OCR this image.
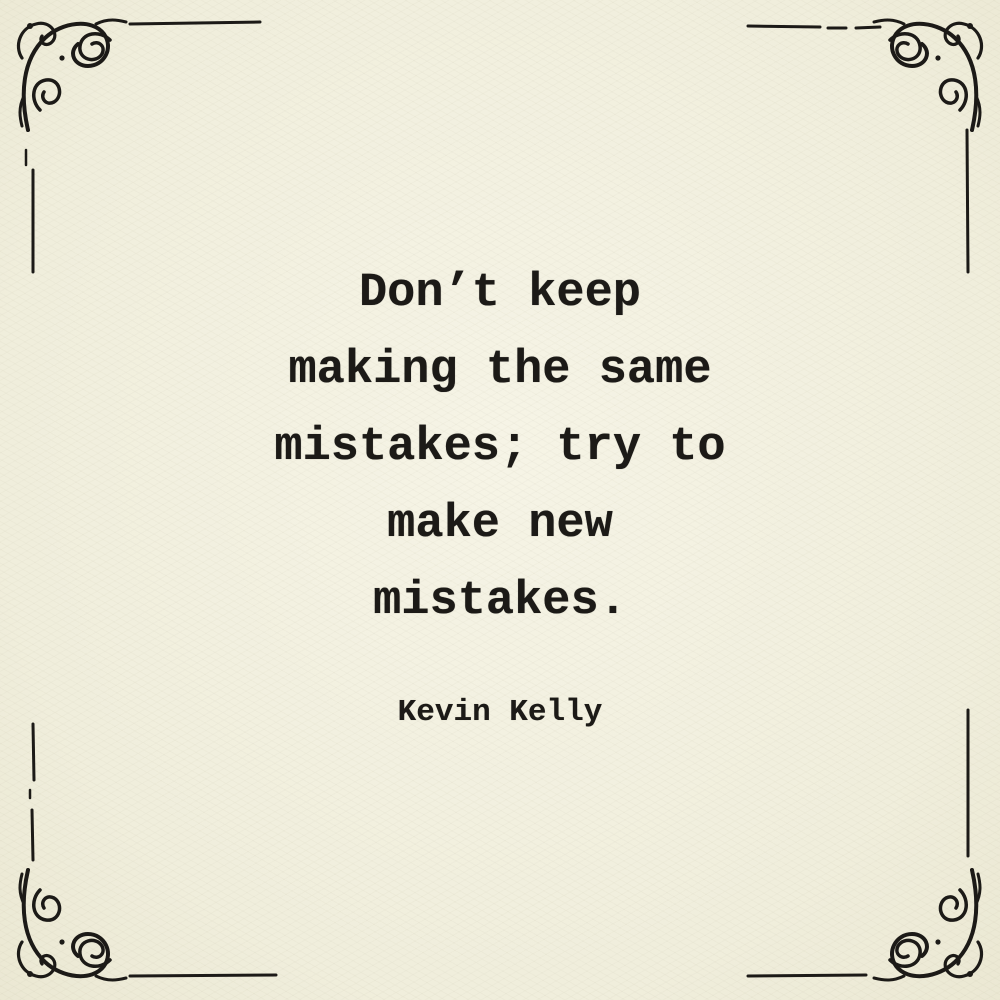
Don’t keep
making the same
mistakes; try to
make new
mistakes.

Kevin Kelly
